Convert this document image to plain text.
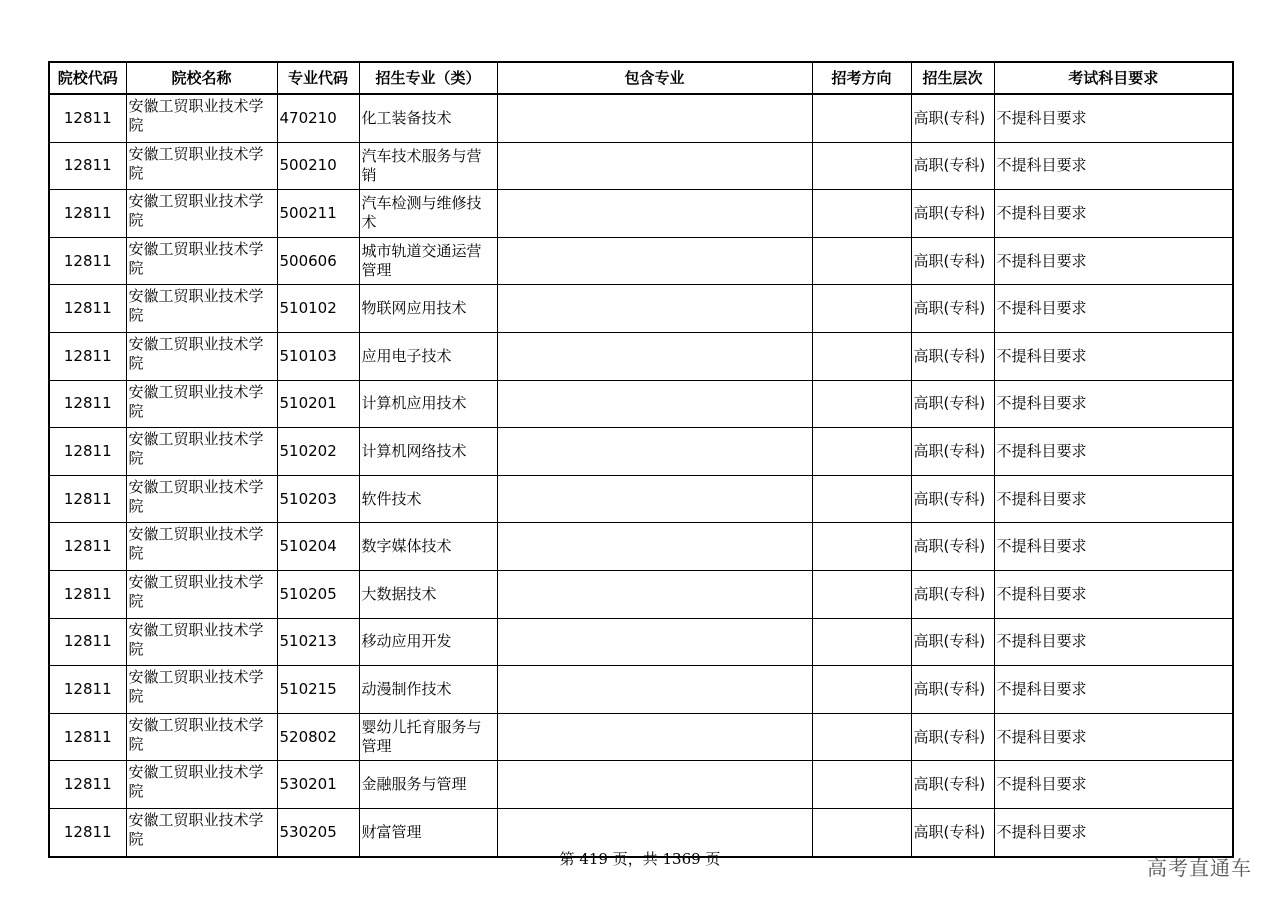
院校代码	院校名称	专业代码	招生专业（类）	包含专业	招考方向	招生层次	考试科目要求
12811	安徽工贸职业技术学院	470210	化工装备技术			高职(专科)	不提科目要求
12811	安徽工贸职业技术学院	500210	汽车技术服务与营销			高职(专科)	不提科目要求
12811	安徽工贸职业技术学院	500211	汽车检测与维修技术			高职(专科)	不提科目要求
12811	安徽工贸职业技术学院	500606	城市轨道交通运营管理			高职(专科)	不提科目要求
12811	安徽工贸职业技术学院	510102	物联网应用技术			高职(专科)	不提科目要求
12811	安徽工贸职业技术学院	510103	应用电子技术			高职(专科)	不提科目要求
12811	安徽工贸职业技术学院	510201	计算机应用技术			高职(专科)	不提科目要求
12811	安徽工贸职业技术学院	510202	计算机网络技术			高职(专科)	不提科目要求
12811	安徽工贸职业技术学院	510203	软件技术			高职(专科)	不提科目要求
12811	安徽工贸职业技术学院	510204	数字媒体技术			高职(专科)	不提科目要求
12811	安徽工贸职业技术学院	510205	大数据技术			高职(专科)	不提科目要求
12811	安徽工贸职业技术学院	510213	移动应用开发			高职(专科)	不提科目要求
12811	安徽工贸职业技术学院	510215	动漫制作技术			高职(专科)	不提科目要求
12811	安徽工贸职业技术学院	520802	婴幼儿托育服务与管理			高职(专科)	不提科目要求
12811	安徽工贸职业技术学院	530201	金融服务与管理			高职(专科)	不提科目要求
12811	安徽工贸职业技术学院	530205	财富管理			高职(专科)	不提科目要求
第 419 页，共 1369 页	高考直通车
